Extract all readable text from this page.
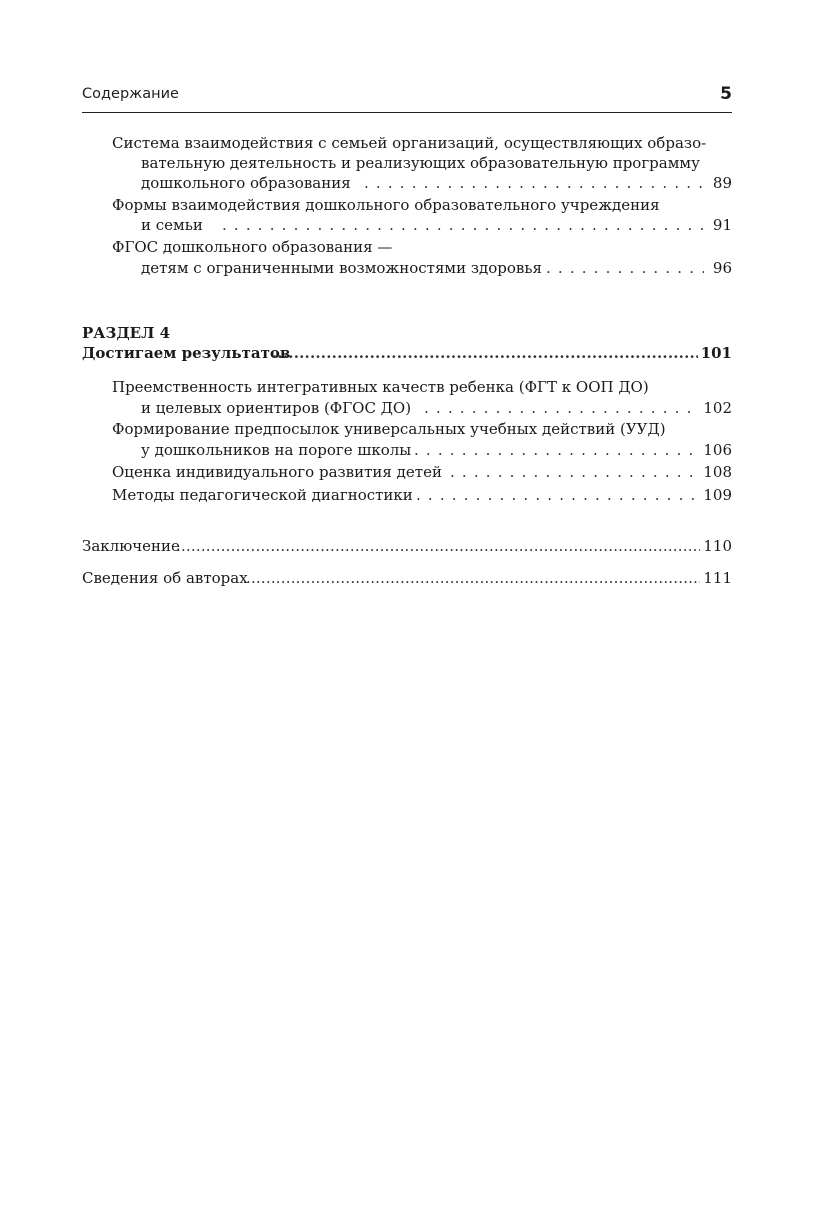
Содержание	5
Система взаимодействия с семьей организаций, осуществляющих образо-
вательную деятельность и реализующих образовательную программу
дошкольного образования . . .	89
Формы взаимодействия дошкольного образовательного учреждения
и семьи . . .	91
ФГОС дошкольного образования —
детям с ограниченными возможностями здоровья . . .	96
РАЗДЕЛ 4
Достигаем результатов .....	101
Преемственность интегративных качеств ребенка (ФГТ к ООП ДО)
и целевых ориентиров (ФГОС ДО) . . .	102
Формирование предпосылок универсальных учебных действий (УУД)
у дошкольников на пороге школы . . .	106
Оценка индивидуального развития детей . . .	108
Методы педагогической диагностики . . .	109
Заключение .....	110
Сведения об авторах .....	111
